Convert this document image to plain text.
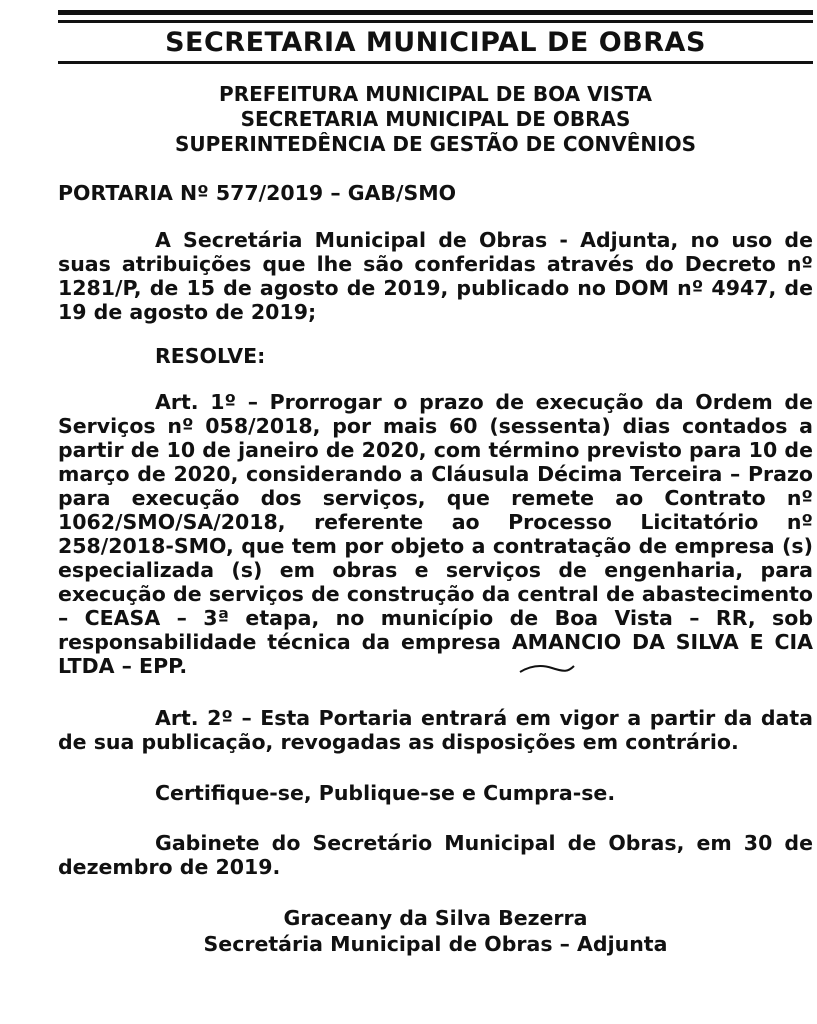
SECRETARIA MUNICIPAL DE OBRAS
PREFEITURA MUNICIPAL DE BOA VISTA
SECRETARIA MUNICIPAL DE OBRAS
SUPERINTEDÊNCIA DE GESTÃO DE CONVÊNIOS

PORTARIA Nº 577/2019 – GAB/SMO

A Secretária Municipal de Obras - Adjunta, no uso de suas atribuições que lhe são conferidas através do Decreto nº 1281/P, de 15 de agosto de 2019, publicado no DOM nº 4947, de 19 de agosto de 2019;

RESOLVE:

Art. 1º – Prorrogar o prazo de execução da Ordem de Serviços nº 058/2018, por mais 60 (sessenta) dias contados a partir de 10 de janeiro de 2020, com término previsto para 10 de março de 2020, considerando a Cláusula Décima Terceira – Prazo para execução dos serviços, que remete ao Contrato nº 1062/SMO/SA/2018, referente ao Processo Licitatório nº 258/2018-SMO, que tem por objeto a contratação de empresa (s) especializada (s) em obras e serviços de engenharia, para execução de serviços de construção da central de abastecimento – CEASA – 3ª etapa, no município de Boa Vista – RR, sob responsabilidade técnica da empresa AMANCIO DA SILVA E CIA LTDA – EPP.

Art. 2º – Esta Portaria entrará em vigor a partir da data de sua publicação, revogadas as disposições em contrário.

Certifique-se, Publique-se e Cumpra-se.

Gabinete do Secretário Municipal de Obras, em 30 de dezembro de 2019.

Graceany da Silva Bezerra
Secretária Municipal de Obras – Adjunta
